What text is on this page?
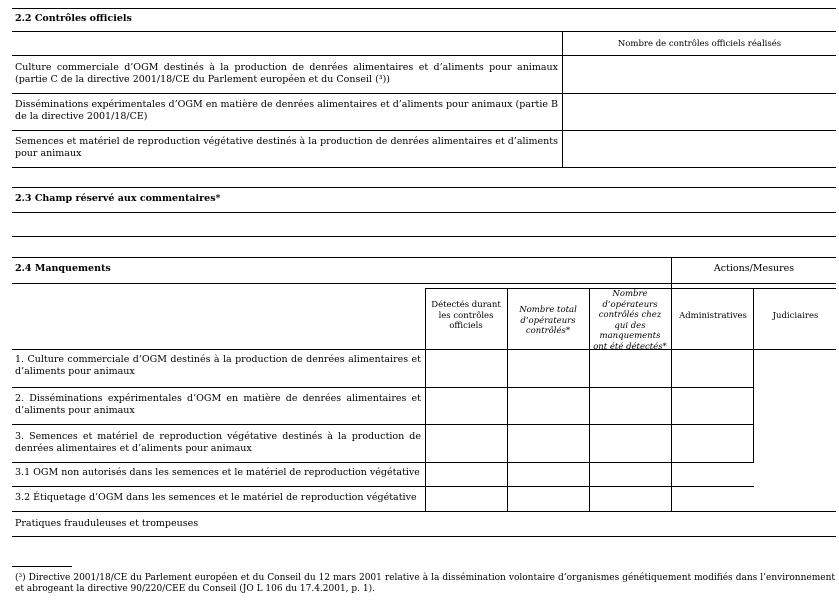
2.2 Contrôles officiels
Nombre de contrôles officiels réalisés
Culture commerciale d’OGM destinés à la production de denrées alimentaires et d’aliments pour animaux (partie C de la directive 2001/18/CE du Parlement européen et du Conseil (³))
Disséminations expérimentales d’OGM en matière de denrées alimentaires et d’aliments pour animaux (partie B de la directive 2001/18/CE)
Semences et matériel de reproduction végétative destinés à la production de denrées alimentaires et d’aliments pour animaux
2.3 Champ réservé aux commentaires*
2.4 Manquements	Actions/Mesures
Détectés durant les contrôles officiels
Nombre total d’opérateurs contrôlés*
Nombre d’opérateurs contrôlés chez qui des manquements ont été détectés*
Administratives	Judiciaires
1. Culture commerciale d’OGM destinés à la production de denrées alimentaires et d’aliments pour animaux
2. Disséminations expérimentales d’OGM en matière de denrées alimentaires et d’aliments pour animaux
3. Semences et matériel de reproduction végétative destinés à la production de denrées alimentaires et d’aliments pour animaux
3.1 OGM non autorisés dans les semences et le matériel de reproduction végétative
3.2 Étiquetage d’OGM dans les semences et le matériel de reproduction végétative
Pratiques frauduleuses et trompeuses
(³) Directive 2001/18/CE du Parlement européen et du Conseil du 12 mars 2001 relative à la dissémination volontaire d’organismes génétiquement modifiés dans l’environnement et abrogeant la directive 90/220/CEE du Conseil (JO L 106 du 17.4.2001, p. 1).
